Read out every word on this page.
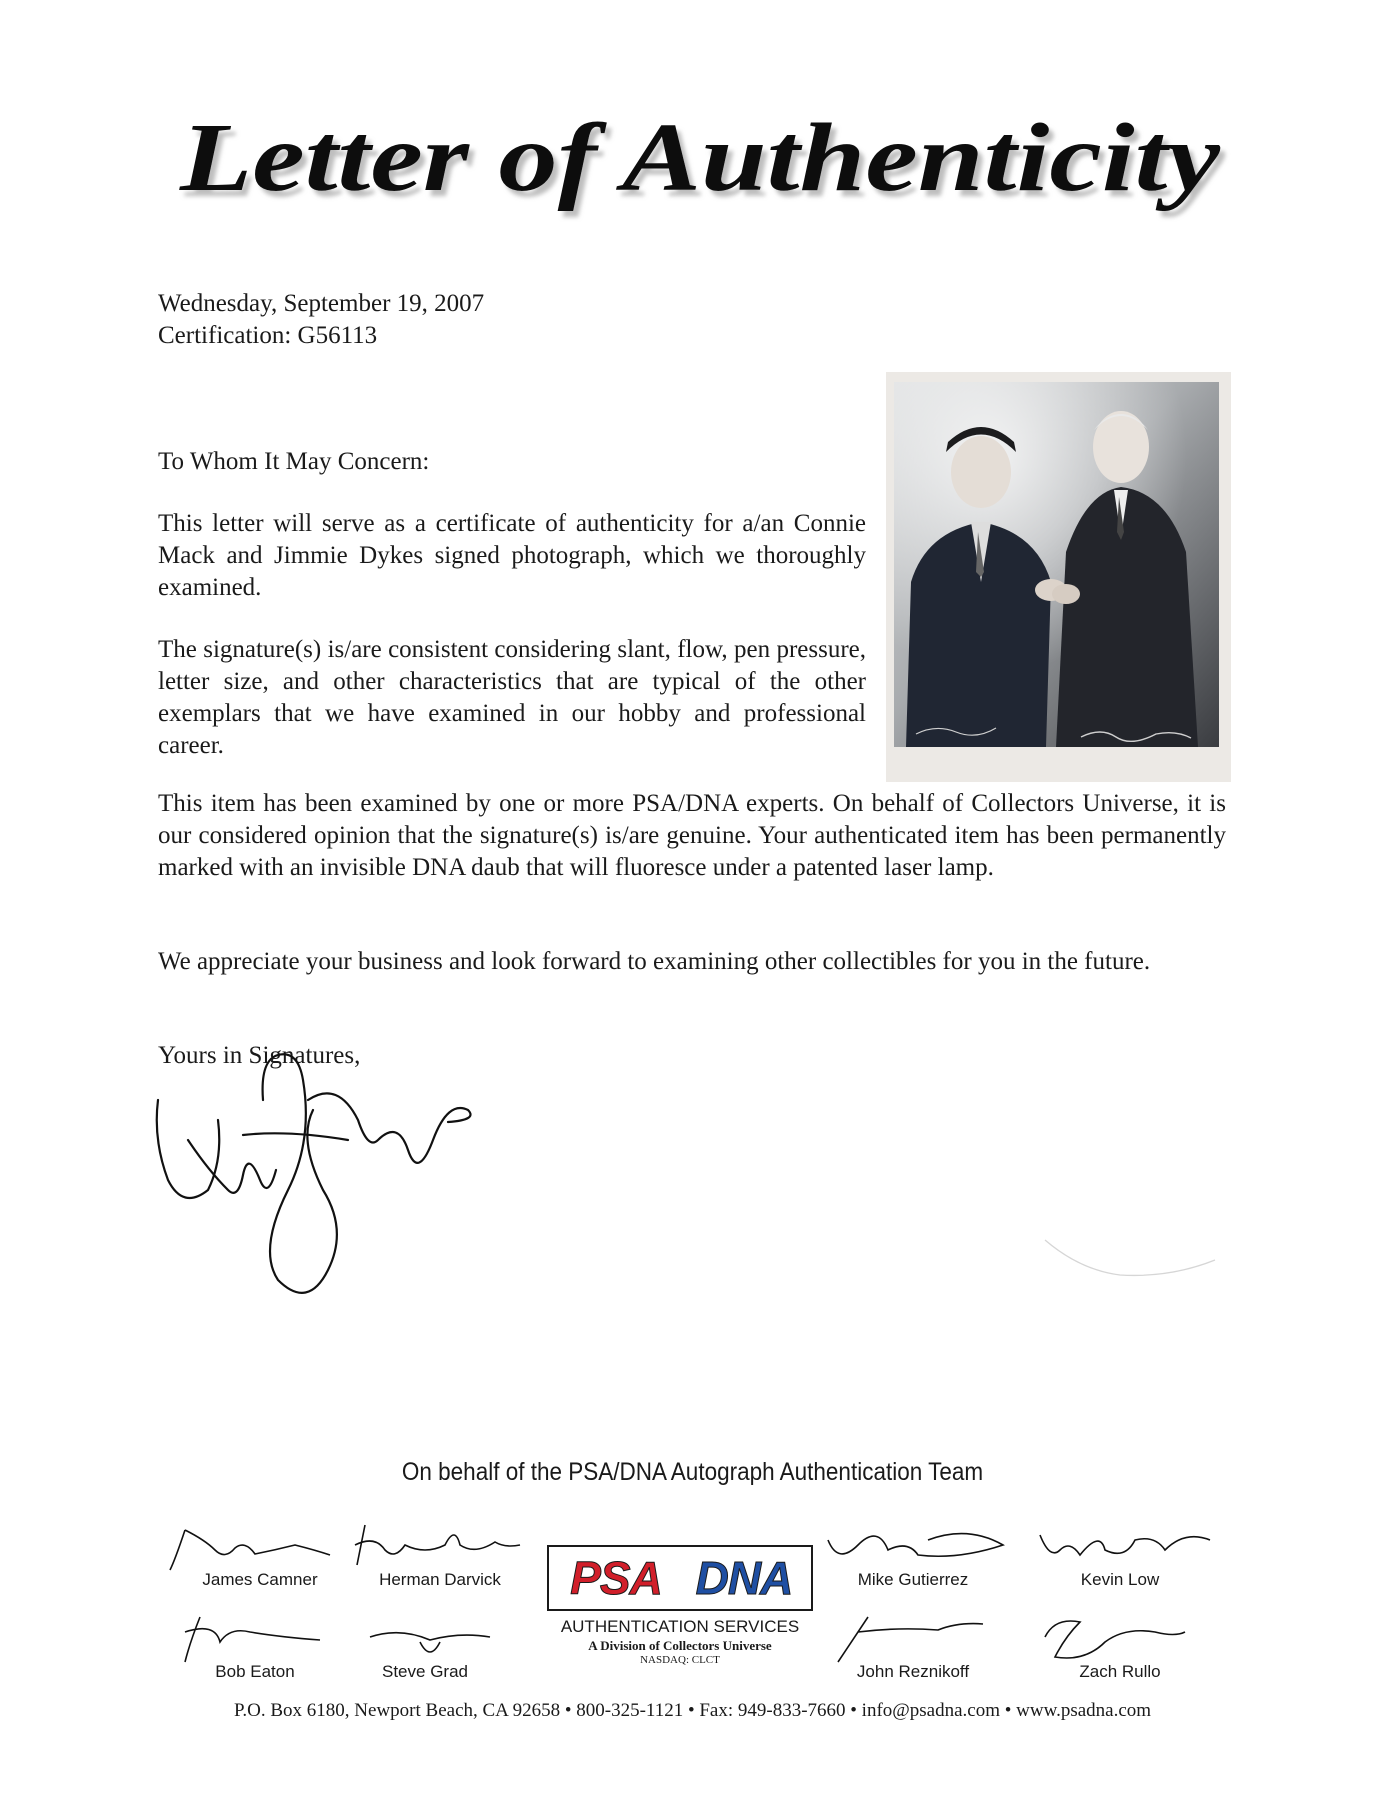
Letter of Authenticity
Wednesday, September 19, 2007
Certification: G56113
To Whom It May Concern:
This letter will serve as a certificate of authenticity for a/an Connie Mack and Jimmie Dykes signed photograph, which we thoroughly examined.
The signature(s) is/are consistent considering slant, flow, pen pressure, letter size, and other characteristics that are typical of the other exemplars that we have examined in our hobby and professional career.
This item has been examined by one or more PSA/DNA experts. On behalf of Collectors Universe, it is our considered opinion that the signature(s) is/are genuine. Your authenticated item has been permanently marked with an invisible DNA daub that will fluoresce under a patented laser lamp.
We appreciate your business and look forward to examining other collectibles for you in the future.
Yours in Signatures,
On behalf of the PSA/DNA Autograph Authentication Team
James Camner	Herman Darvick	Mike Gutierrez	Kevin Low
Bob Eaton	Steve Grad	John Reznikoff	Zach Rullo
PSA DNA
AUTHENTICATION SERVICES
A Division of Collectors Universe
NASDAQ: CLCT
P.O. Box 6180, Newport Beach, CA 92658 • 800-325-1121 • Fax: 949-833-7660 • info@psadna.com • www.psadna.com
